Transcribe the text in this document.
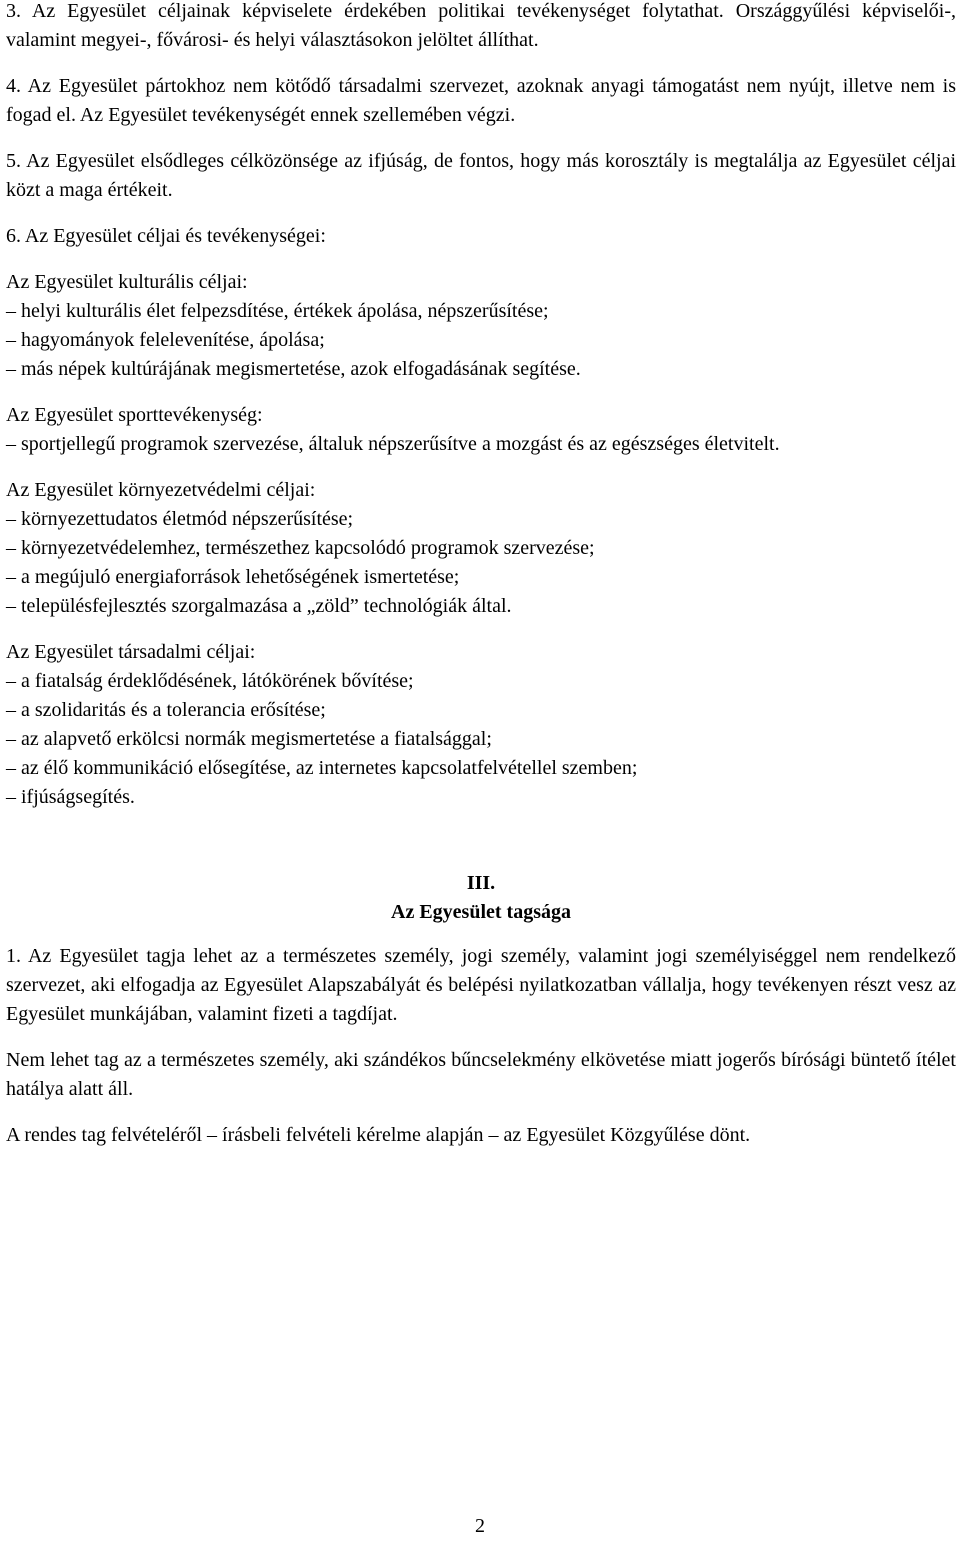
3. Az Egyesület céljainak képviselete érdekében politikai tevékenységet folytathat. Országgyűlési képviselői-, valamint megyei-, fővárosi- és helyi választásokon jelöltet állíthat.

4. Az Egyesület pártokhoz nem kötődő társadalmi szervezet, azoknak anyagi támogatást nem nyújt, illetve nem is fogad el. Az Egyesület tevékenységét ennek szellemében végzi.

5. Az Egyesület elsődleges célközönsége az ifjúság, de fontos, hogy más korosztály is megtalálja az Egyesület céljai közt a maga értékeit.

6. Az Egyesület céljai és tevékenységei:

Az Egyesület kulturális céljai:

– helyi kulturális élet felpezsdítése, értékek ápolása, népszerűsítése;

– hagyományok felelevenítése, ápolása;

– más népek kultúrájának megismertetése, azok elfogadásának segítése.

Az Egyesület sporttevékenység:

– sportjellegű programok szervezése, általuk népszerűsítve a mozgást és az egészséges életvitelt.

Az Egyesület környezetvédelmi céljai:

– környezettudatos életmód népszerűsítése;

– környezetvédelemhez, természethez kapcsolódó programok szervezése;

– a megújuló energiaforrások lehetőségének ismertetése;

– településfejlesztés szorgalmazása a „zöld” technológiák által.

Az Egyesület társadalmi céljai:

– a fiatalság érdeklődésének, látókörének bővítése;

– a szolidaritás és a tolerancia erősítése;

– az alapvető erkölcsi normák megismertetése a fiatalsággal;

– az élő kommunikáció elősegítése, az internetes kapcsolatfelvétellel szemben;

– ifjúságsegítés.

III.

Az Egyesület tagsága

1. Az Egyesület tagja lehet az a természetes személy, jogi személy, valamint jogi személyiséggel nem rendelkező szervezet, aki elfogadja az Egyesület Alapszabályát és belépési nyilatkozatban vállalja, hogy tevékenyen részt vesz az Egyesület munkájában, valamint fizeti a tagdíjat.

Nem lehet tag az a természetes személy, aki szándékos bűncselekmény elkövetése miatt jogerős bírósági büntető ítélet hatálya alatt áll.

A rendes tag felvételéről – írásbeli felvételi kérelme alapján – az Egyesület Közgyűlése dönt.

2
